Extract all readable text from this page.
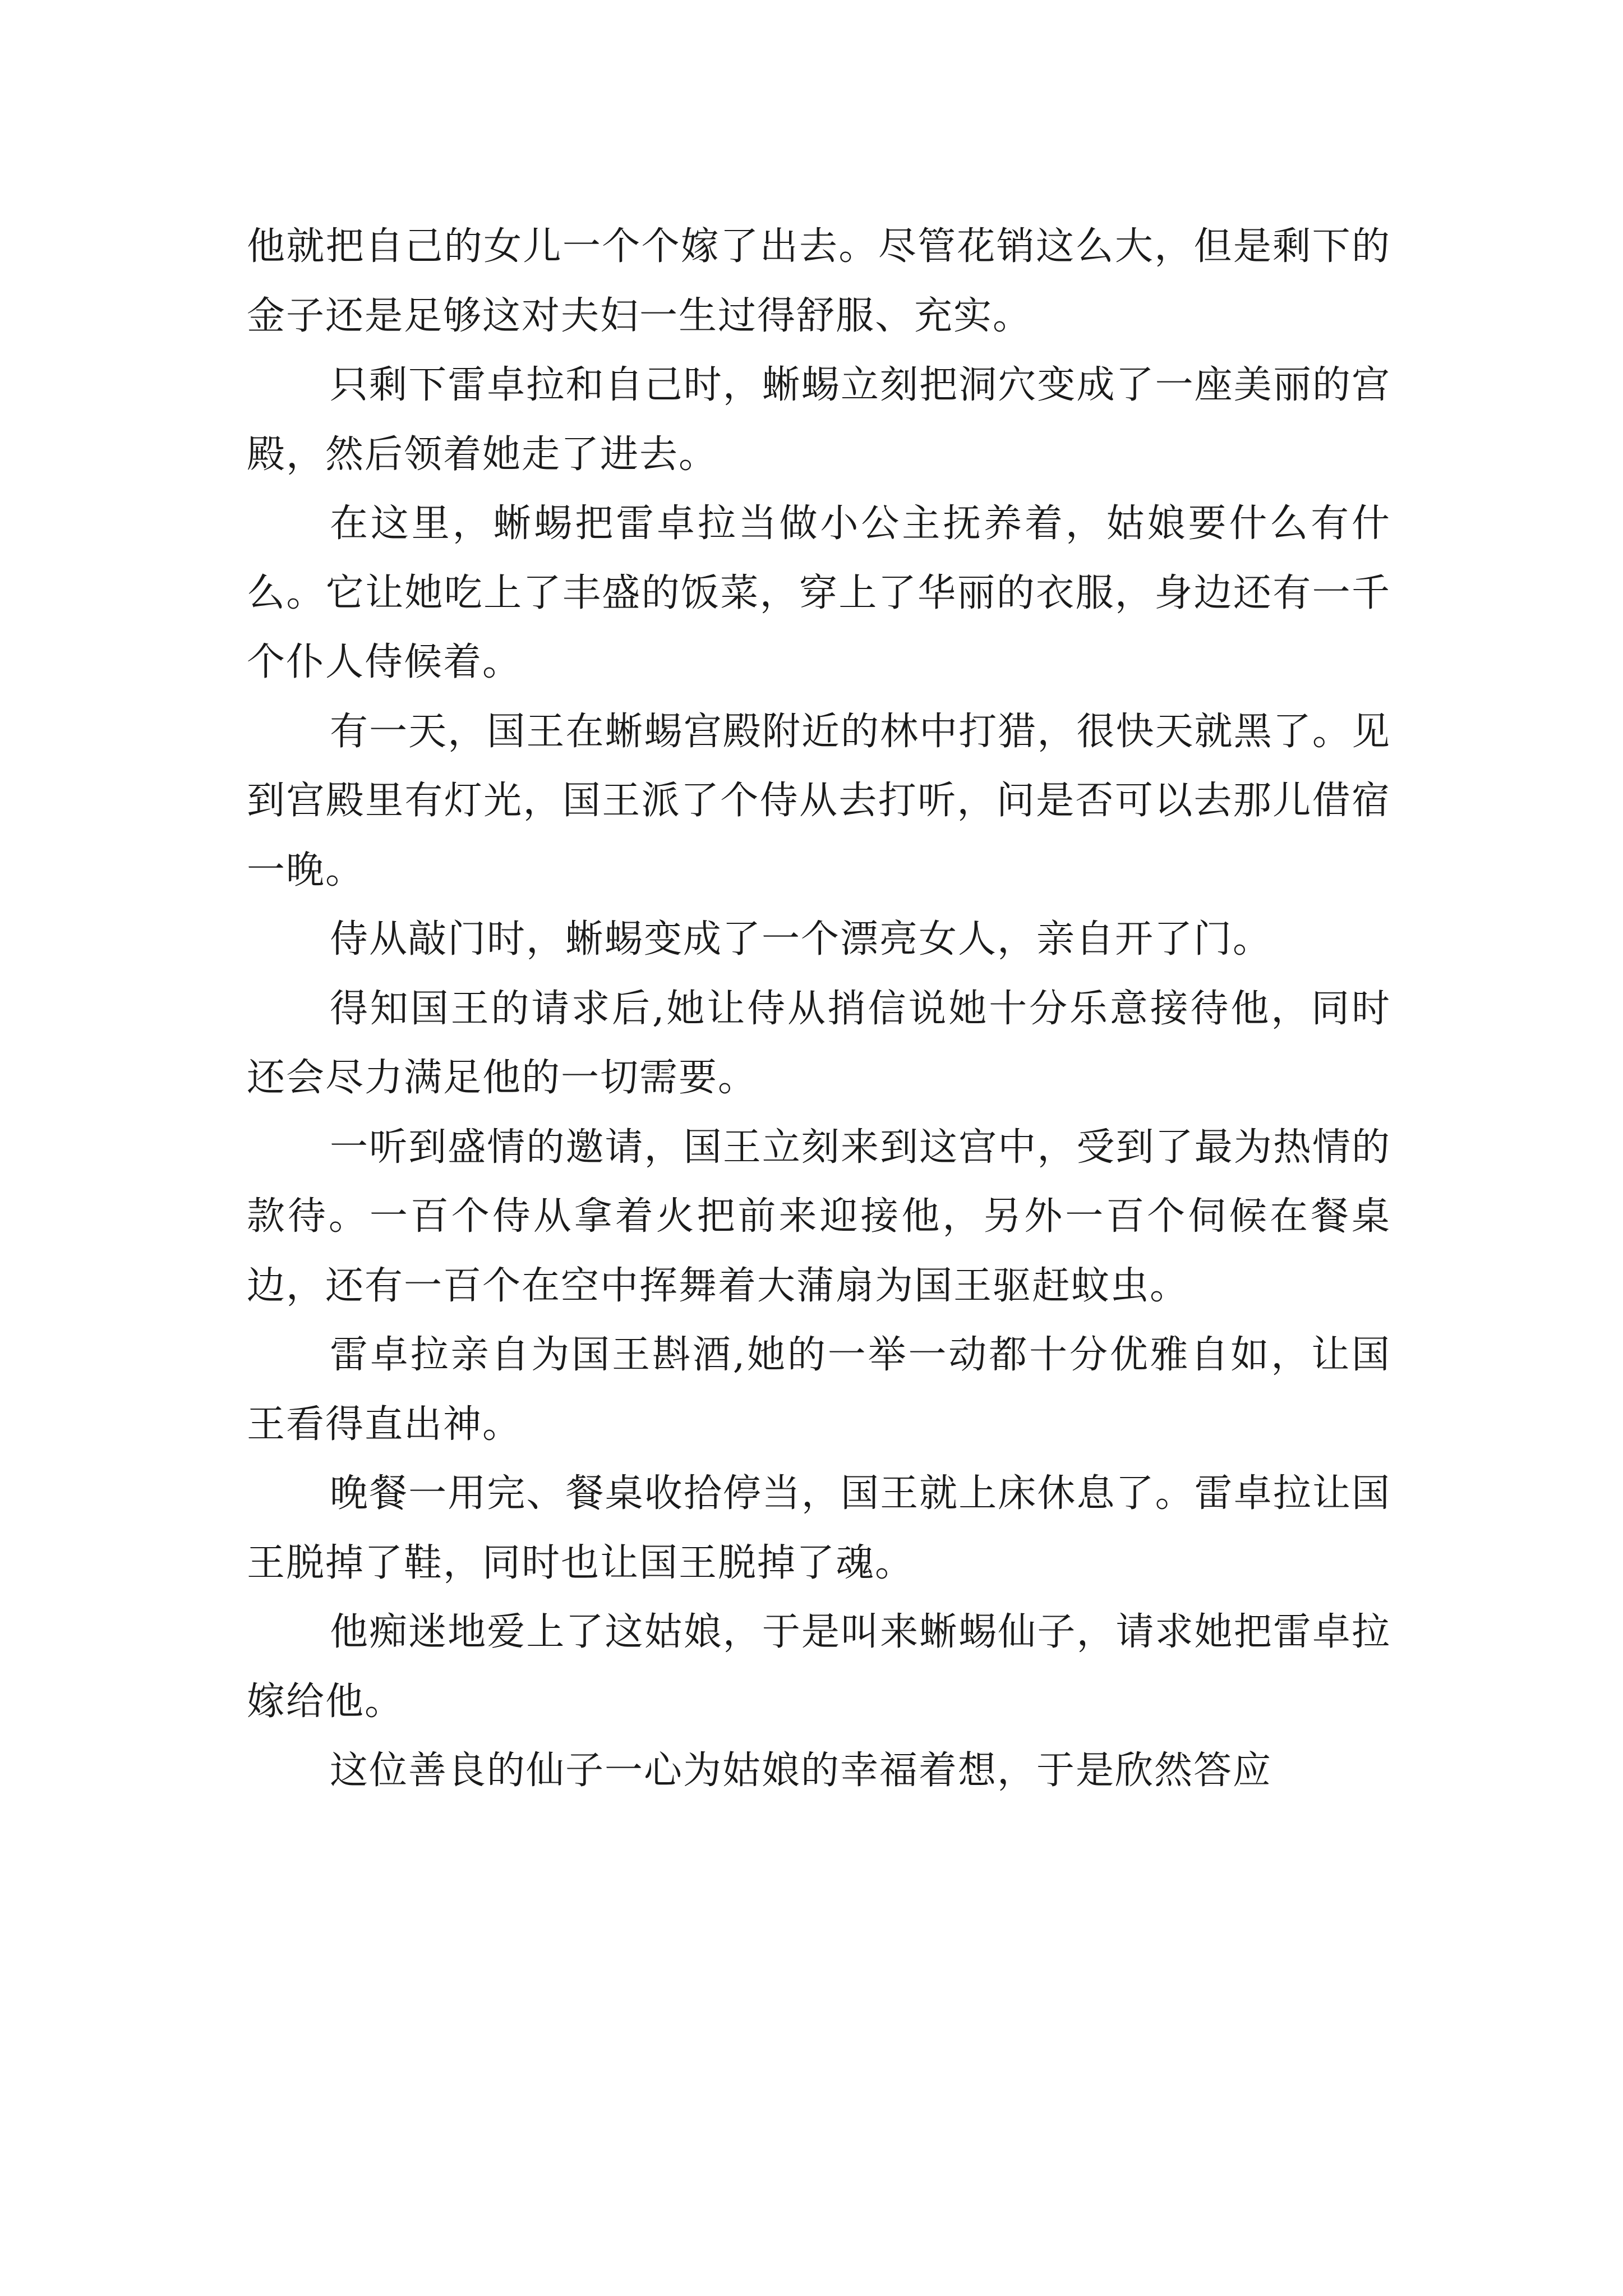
他就把自己的女儿一个个嫁了出去。尽管花销这么大，但是剩下的金子还是足够这对夫妇一生过得舒服、充实。

只剩下雷卓拉和自己时，蜥蜴立刻把洞穴变成了一座美丽的宫殿，然后领着她走了进去。

在这里，蜥蜴把雷卓拉当做小公主抚养着，姑娘要什么有什么。它让她吃上了丰盛的饭菜，穿上了华丽的衣服，身边还有一千个仆人侍候着。

有一天，国王在蜥蜴宫殿附近的林中打猎，很快天就黑了。见到宫殿里有灯光，国王派了个侍从去打听，问是否可以去那儿借宿一晚。

侍从敲门时，蜥蜴变成了一个漂亮女人，亲自开了门。

得知国王的请求后,她让侍从捎信说她十分乐意接待他，同时还会尽力满足他的一切需要。

一听到盛情的邀请，国王立刻来到这宫中，受到了最为热情的款待。一百个侍从拿着火把前来迎接他，另外一百个伺候在餐桌边，还有一百个在空中挥舞着大蒲扇为国王驱赶蚊虫。

雷卓拉亲自为国王斟酒,她的一举一动都十分优雅自如，让国王看得直出神。

晚餐一用完、餐桌收拾停当，国王就上床休息了。雷卓拉让国王脱掉了鞋，同时也让国王脱掉了魂。

他痴迷地爱上了这姑娘，于是叫来蜥蜴仙子，请求她把雷卓拉嫁给他。

这位善良的仙子一心为姑娘的幸福着想，于是欣然答应
